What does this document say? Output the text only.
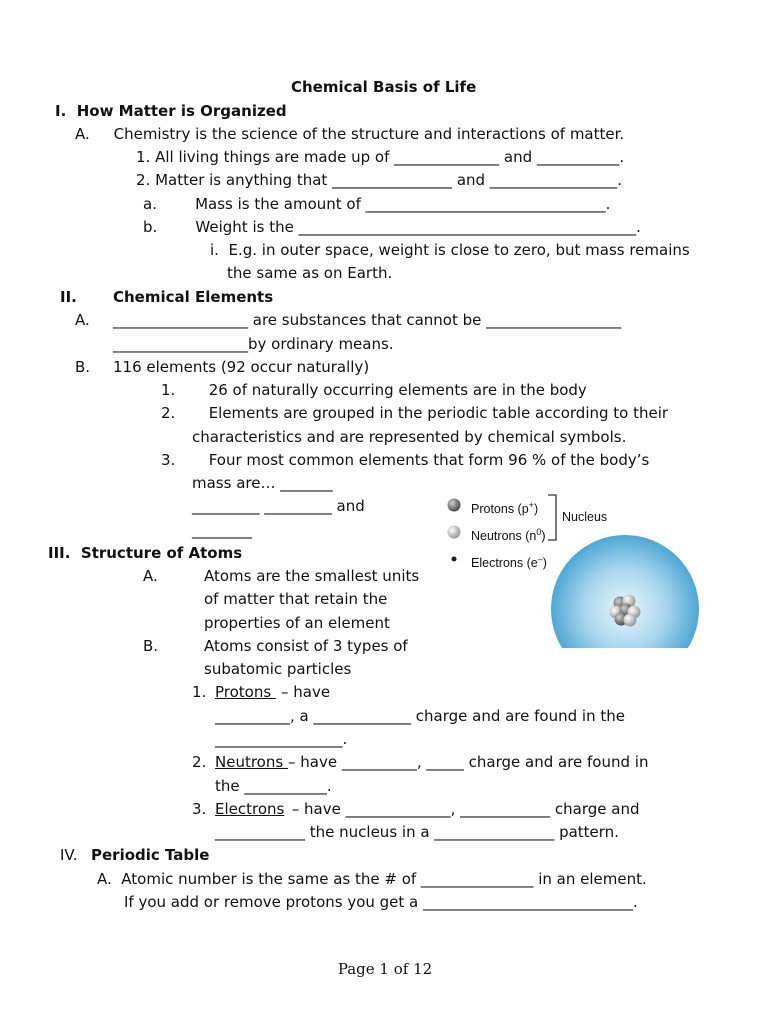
Chemical Basis of Life
I.  How Matter is Organized
A.     Chemistry is the science of the structure and interactions of matter.
1. All living things are made up of ______________ and ___________.
2. Matter is anything that ________________ and _________________.
a.        Mass is the amount of ________________________________.
b.        Weight is the _____________________________________________.
i.  E.g. in outer space, weight is close to zero, but mass remains
the same as on Earth.
II. Chemical Elements
A. __________________ are substances that cannot be __________________
__________________by ordinary means.
B. 116 elements (92 occur naturally)
1.       26 of naturally occurring elements are in the body
2.       Elements are grouped in the periodic table according to their
characteristics and are represented by chemical symbols.
3.       Four most common elements that form 96 % of the body’s
mass are… _______
_________ _________ and
________
III.  Structure of Atoms
A.	Atoms are the smallest units
of matter that retain the
properties of an element
B.	Atoms consist of 3 types of
subatomic particles
1. Protons – have
__________, a _____________ charge and are found in the
_________________.
2. Neutrons – have __________, _____ charge and are found in
the ___________.
3. Electrons – have ______________, ____________ charge and
____________ the nucleus in a ________________ pattern.
IV. Periodic Table
A.  Atomic number is the same as the # of _______________ in an element.
If you add or remove protons you get a ____________________________.
Protons (p+)
Neutrons $(n^0)$
Electrons (e–)
Nucleus
Page 1 of 12
